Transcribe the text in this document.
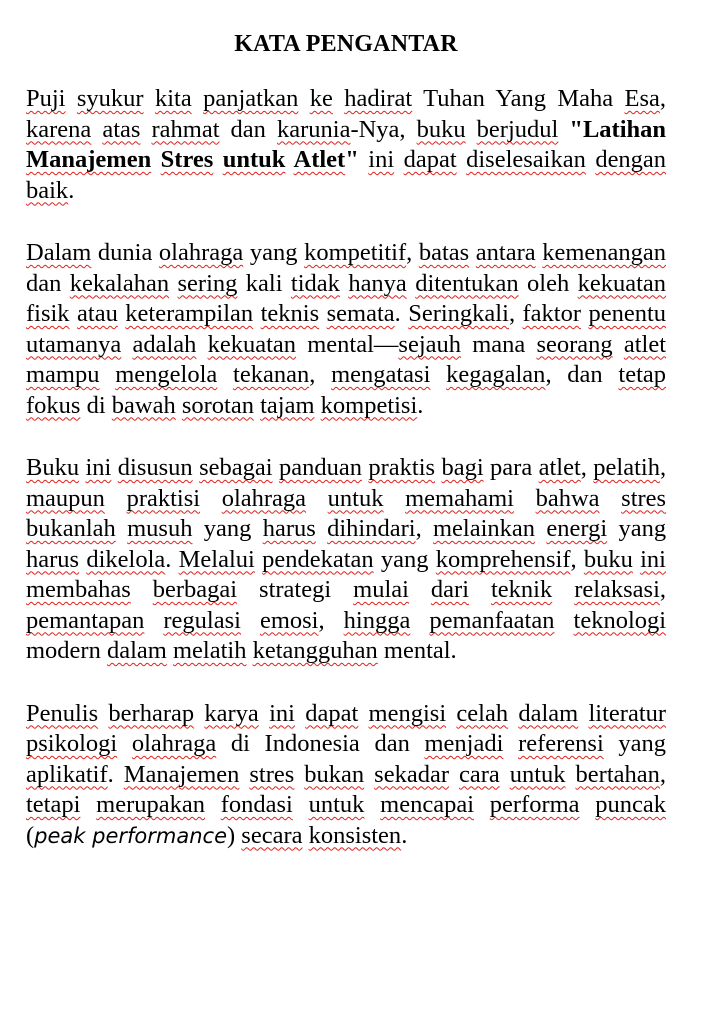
KATA PENGANTAR

Puji syukur kita panjatkan ke hadirat Tuhan Yang Maha Esa, karena atas rahmat dan karunia-Nya, buku berjudul "Latihan Manajemen Stres untuk Atlet" ini dapat diselesaikan dengan baik.

Dalam dunia olahraga yang kompetitif, batas antara kemenangan dan kekalahan sering kali tidak hanya ditentukan oleh kekuatan fisik atau keterampilan teknis semata. Seringkali, faktor penentu utamanya adalah kekuatan mental—sejauh mana seorang atlet mampu mengelola tekanan, mengatasi kegagalan, dan tetap fokus di bawah sorotan tajam kompetisi.

Buku ini disusun sebagai panduan praktis bagi para atlet, pelatih, maupun praktisi olahraga untuk memahami bahwa stres bukanlah musuh yang harus dihindari, melainkan energi yang harus dikelola. Melalui pendekatan yang komprehensif, buku ini membahas berbagai strategi mulai dari teknik relaksasi, pemantapan regulasi emosi, hingga pemanfaatan teknologi modern dalam melatih ketangguhan mental.

Penulis berharap karya ini dapat mengisi celah dalam literatur psikologi olahraga di Indonesia dan menjadi referensi yang aplikatif. Manajemen stres bukan sekadar cara untuk bertahan, tetapi merupakan fondasi untuk mencapai performa puncak (peak performance) secara konsisten.
